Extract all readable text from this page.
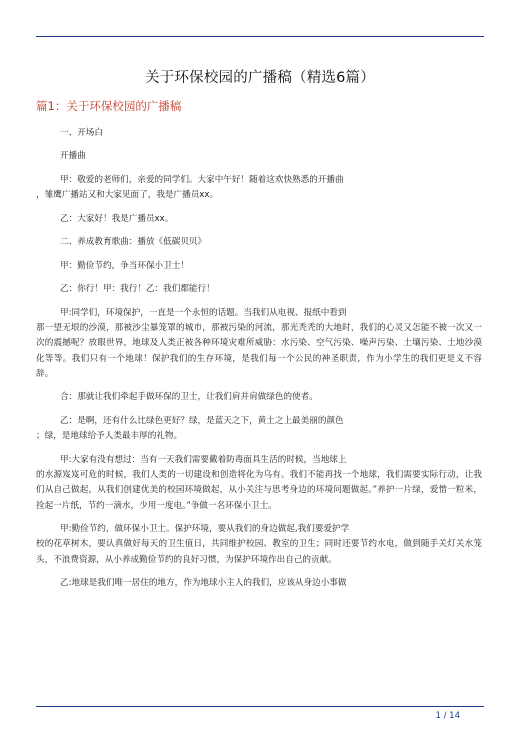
关于环保校园的广播稿（精选6篇）
篇1：关于环保校园的广播稿

一、开场白

开播曲

甲：敬爱的老师们，亲爱的同学们。大家中午好！随着这欢快熟悉的开播曲
，雏鹰广播站又和大家见面了，我是广播员xx。

乙：大家好！我是广播员xx。

二、养成教育歌曲：播放《低碳贝贝》

甲：勤俭节约，争当环保小卫士！

乙：你行！甲：我行！乙：我们都能行！

甲:同学们，环境保护，一直是一个永恒的话题。当我们从电视、报纸中看到
那一望无垠的沙漠，那被沙尘暴笼罩的城市，那被污染的河流，那光秃秃的大地时，我们的心灵又怎能不被一次又一次的震撼呢？放眼世界，地球及人类正被各种环境灾难所威胁：水污染、空气污染、噪声污染、土壤污染、土地沙漠化等等。我们只有一个地球！保护我们的生存环境，是我们每一个公民的神圣职责，作为小学生的我们更是义不容辞。

合：那就让我们牵起手做环保的卫士，让我们肩并肩做绿色的使者。

乙：是啊，还有什么比绿色更好？绿，是蓝天之下，黄土之上最美丽的颜色
；绿，是地球给予人类最丰厚的礼物。

甲:大家有没有想过：当有一天我们需要戴着防毒面具生活的时候，当地球上
的水源岌岌可危的时候，我们人类的一切建设和创造将化为乌有。我们不能再找一个地球，我们需要实际行动，让我们从自己做起，从我们创建优美的校园环境做起，从小关注与思考身边的环境问题做起。”养护一片绿，爱惜一粒米，捡起一片纸，节约一滴水，少用一度电。”争做一名环保小卫士。

甲:勤俭节约，做环保小卫士。保护环境，要从我们的身边做起,我们要爱护学
校的花草树木，要认真做好每天的卫生值日，共同维护校园、教室的卫生；同时还要节约水电，做到随手关灯关水笼头，不浪费资源，从小养成勤俭节约的良好习惯，为保护环境作出自己的贡献。

乙:地球是我们唯一居住的地方，作为地球小主人的我们，应该从身边小事做

1 / 14
